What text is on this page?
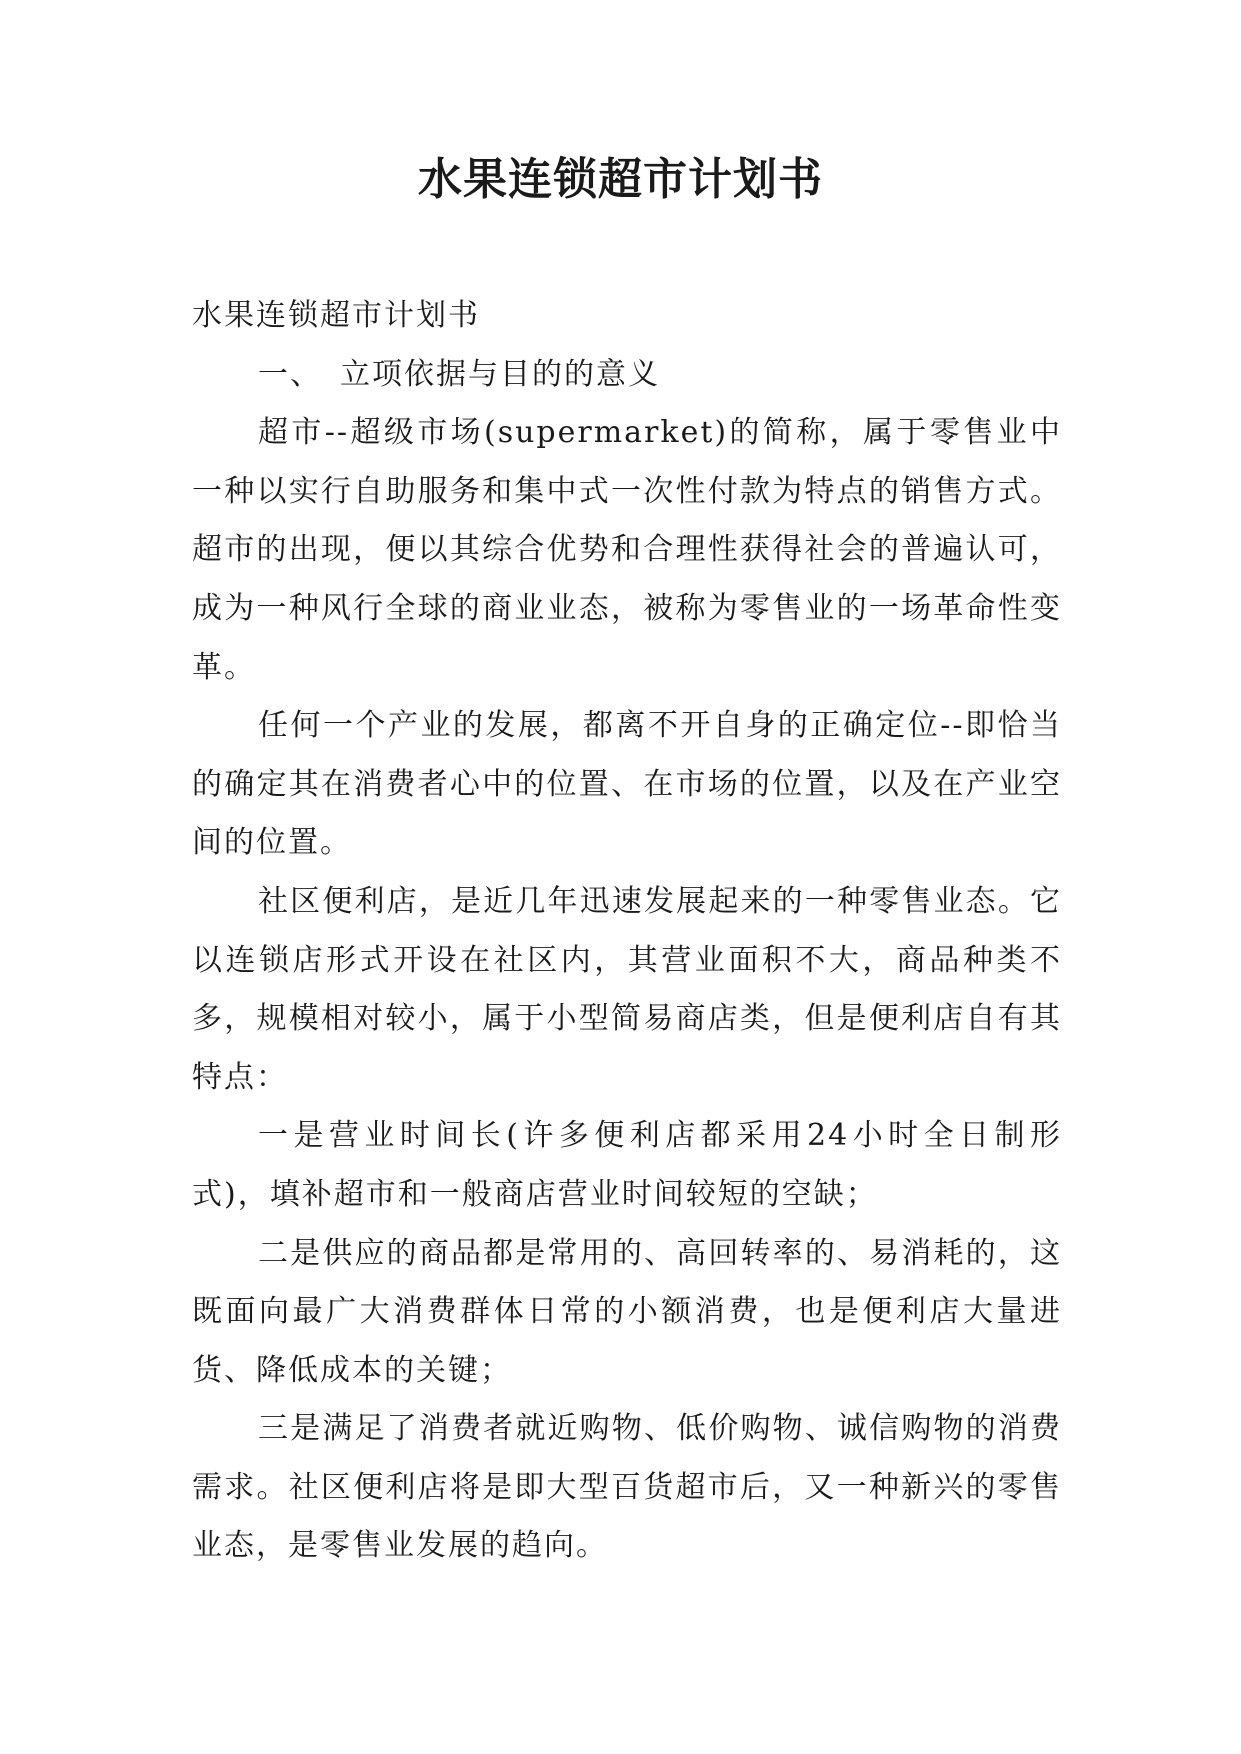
水果连锁超市计划书

水果连锁超市计划书

一、 立项依据与目的的意义

超市--超级市场(supermarket)的简称，属于零售业中一种以实行自助服务和集中式一次性付款为特点的销售方式。超市的出现，便以其综合优势和合理性获得社会的普遍认可，成为一种风行全球的商业业态，被称为零售业的一场革命性变革。

任何一个产业的发展，都离不开自身的正确定位--即恰当的确定其在消费者心中的位置、在市场的位置，以及在产业空间的位置。

社区便利店，是近几年迅速发展起来的一种零售业态。它以连锁店形式开设在社区内，其营业面积不大，商品种类不多，规模相对较小，属于小型简易商店类，但是便利店自有其特点：

一是营业时间长(许多便利店都采用24小时全日制形式)，填补超市和一般商店营业时间较短的空缺；

二是供应的商品都是常用的、高回转率的、易消耗的，这既面向最广大消费群体日常的小额消费，也是便利店大量进货、降低成本的关键；

三是满足了消费者就近购物、低价购物、诚信购物的消费需求。社区便利店将是即大型百货超市后，又一种新兴的零售业态，是零售业发展的趋向。
